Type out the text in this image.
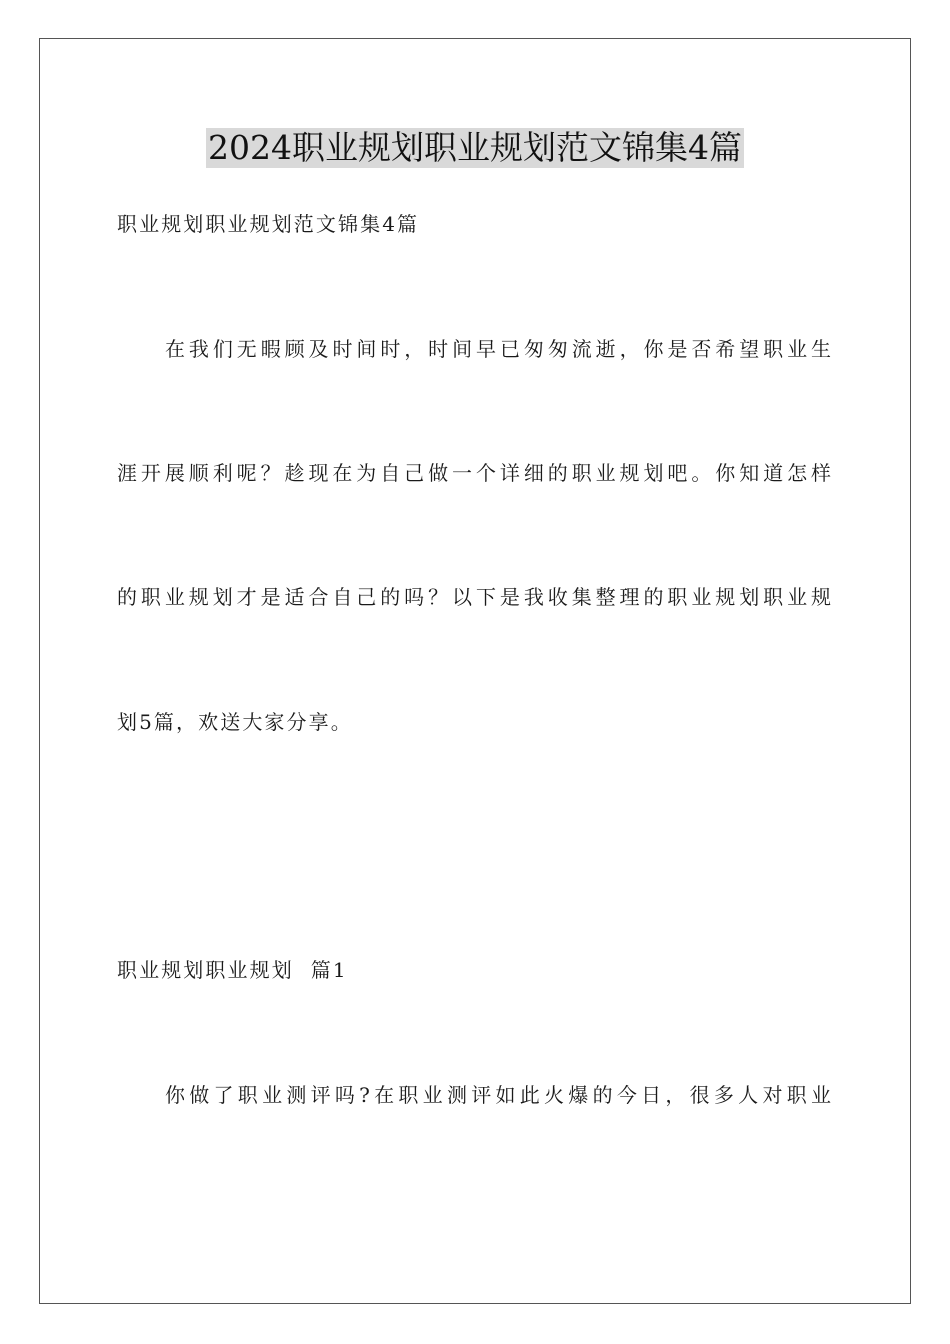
2024职业规划职业规划范文锦集4篇
职业规划职业规划范文锦集4篇
在我们无暇顾及时间时，时间早已匆匆流逝，你是否希望职业生
涯开展顺利呢？趁现在为自己做一个详细的职业规划吧。你知道怎样
的职业规划才是适合自己的吗？以下是我收集整理的职业规划职业规
划5篇，欢送大家分享。
职业规划职业规划  篇1
你做了职业测评吗?在职业测评如此火爆的今日，很多人对职业
